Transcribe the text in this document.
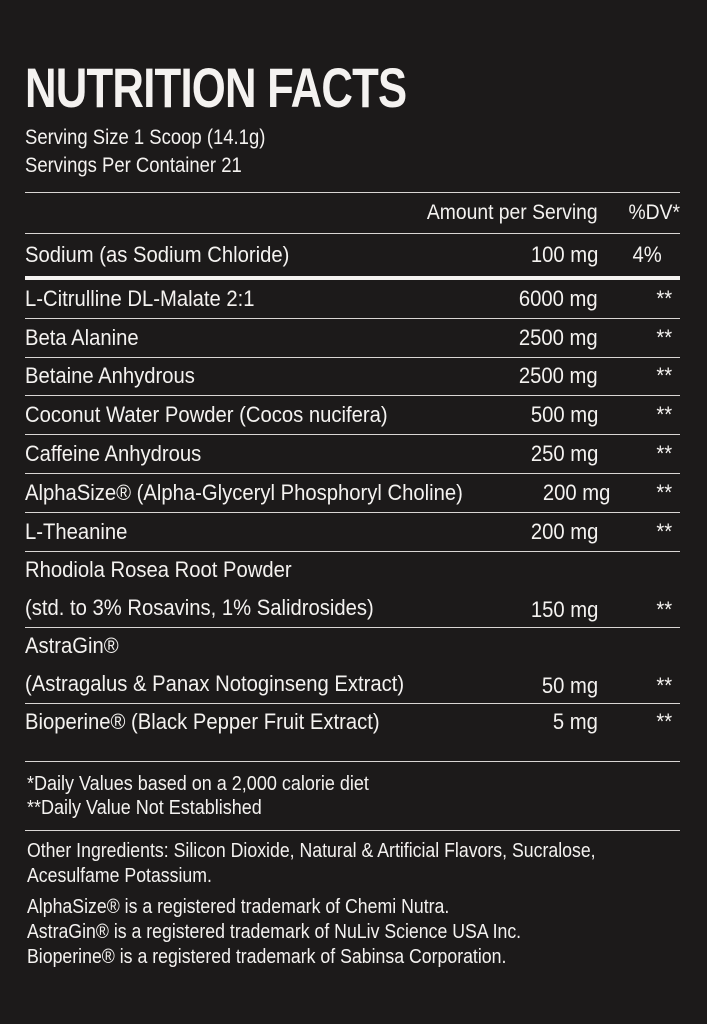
NUTRITION FACTS
Serving Size 1 Scoop (14.1g)
Servings Per Container 21
Amount per Serving	%DV*
Sodium (as Sodium Chloride)	100 mg	4%
L-Citrulline DL-Malate 2:1	6000 mg	**
Beta Alanine	2500 mg	**
Betaine Anhydrous	2500 mg	**
Coconut Water Powder (Cocos nucifera)	500 mg	**
Caffeine Anhydrous	250 mg	**
AlphaSize® (Alpha-Glyceryl Phosphoryl Choline)	200 mg	**
L-Theanine	200 mg	**
Rhodiola Rosea Root Powder
(std. to 3% Rosavins, 1% Salidrosides)	150 mg	**
AstraGin®
(Astragalus & Panax Notoginseng Extract)	50 mg	**
Bioperine® (Black Pepper Fruit Extract)	5 mg	**
*Daily Values based on a 2,000 calorie diet
**Daily Value Not Established

Other Ingredients: Silicon Dioxide, Natural & Artificial Flavors, Sucralose,

Acesulfame Potassium.

AlphaSize® is a registered trademark of Chemi Nutra.

AstraGin® is a registered trademark of NuLiv Science USA Inc.

Bioperine® is a registered trademark of Sabinsa Corporation.
